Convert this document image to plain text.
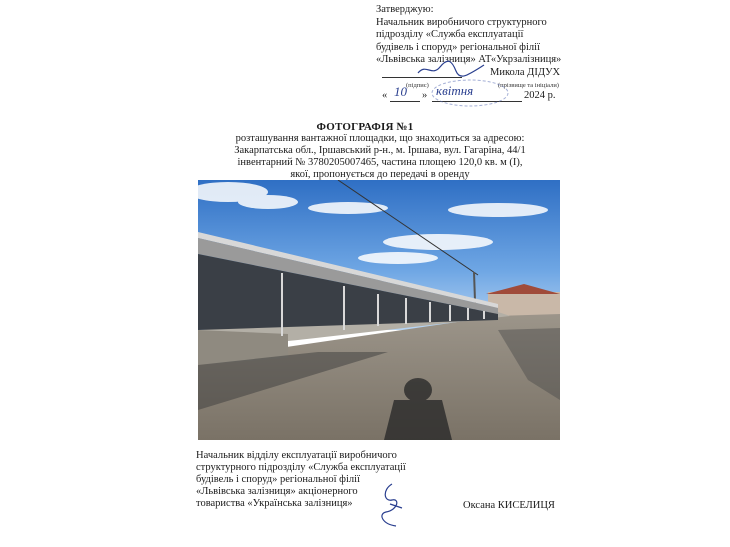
Затверджую:
Начальник виробничого структурного
підрозділу «Служба експлуатації
будівель і споруд» регіональної філії
«Львівська залізниця» АТ«Укрзалізниця»
Микола ДІДУХ
(підпис)	(прізвище та ініціали)
« 10 » квітня	2024 р.
ФОТОГРАФІЯ №1
розташування вантажної площадки, що знаходиться за адресою:
Закарпатська обл., Іршавський р-н., м. Іршава, вул. Гагаріна, 44/1
інвентарний № 3780205007465, частина площею 120,0 кв. м (І),
якої, пропонується до передачі в оренду
Начальник відділу експлуатації виробничого
структурного підрозділу «Служба експлуатації
будівель і споруд» регіональної філії
«Львівська залізниця» акціонерного
товариства «Українська залізниця»	Оксана КИСЕЛИЦЯ
